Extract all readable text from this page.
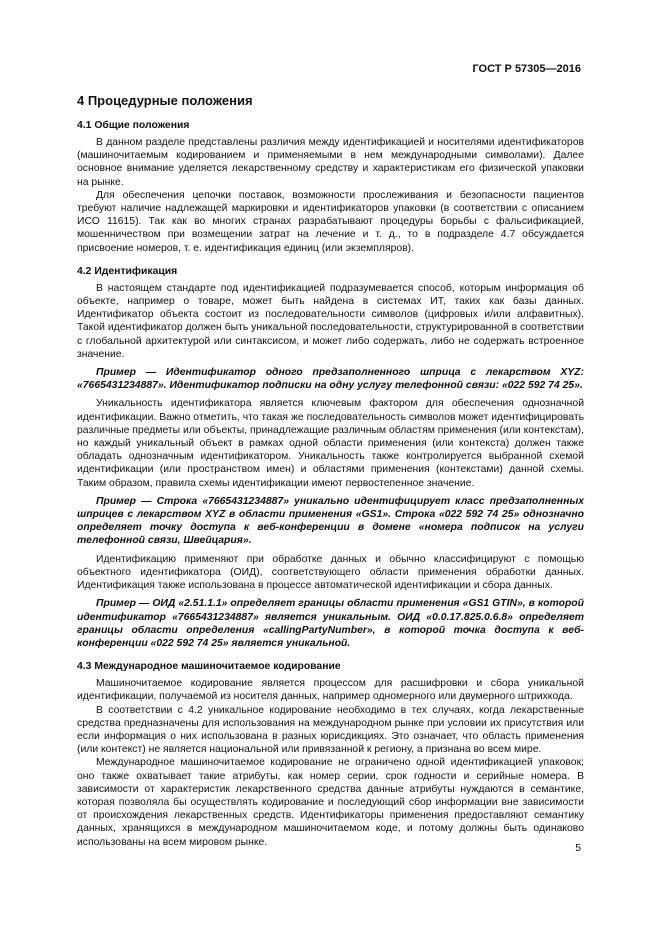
ГОСТ Р 57305—2016
4 Процедурные положения
4.1 Общие положения

В данном разделе представлены различия между идентификацией и носителями идентификаторов (машиночитаемым кодированием и применяемыми в нем международными символами). Далее основное внимание уделяется лекарственному средству и характеристикам его физической упаковки на рынке.

Для обеспечения цепочки поставок, возможности прослеживания и безопасности пациентов требуют наличие надлежащей маркировки и идентификаторов упаковки (в соответствии с описанием ИСО 11615). Так как во многих странах разрабатывают процедуры борьбы с фальсификацией, мошенничеством при возмещении затрат на лечение и т. д., то в подразделе 4.7 обсуждается присвоение номеров, т. е. идентификация единиц (или экземпляров).

4.2 Идентификация

В настоящем стандарте под идентификацией подразумевается способ, которым информация об объекте, например о товаре, может быть найдена в системах ИТ, таких как базы данных. Идентификатор объекта состоит из последовательности символов (цифровых и/или алфавитных). Такой идентификатор должен быть уникальной последовательности, структурированной в соответствии с глобальной архитектурой или синтаксисом, и может либо содержать, либо не содержать встроенное значение.

Пример — Идентификатор одного предзаполненного шприца с лекарством XYZ: «7665431234887». Идентификатор подписки на одну услугу телефонной связи: «022 592 74 25».

Уникальность идентификатора является ключевым фактором для обеспечения однозначной идентификации. Важно отметить, что такая же последовательность символов может идентифицировать различные предметы или объекты, принадлежащие различным областям применения (или контекстам), но каждый уникальный объект в рамках одной области применения (или контекста) должен также обладать однозначным идентификатором. Уникальность также контролируется выбранной схемой идентификации (или пространством имен) и областями применения (контекстами) данной схемы. Таким образом, правила схемы идентификации имеют первостепенное значение.

Пример — Строка «7665431234887» уникально идентифицирует класс предзаполненных шприцев с лекарством XYZ в области применения «GS1». Строка «022 592 74 25» однозначно определяет точку доступа к веб-конференции в домене «номера подписок на услуги телефонной связи, Швейцария».

Идентификацию применяют при обработке данных и обычно классифицируют с помощью объектного идентификатора (ОИД), соответствующего области применения обработки данных. Идентификация также использована в процессе автоматической идентификации и сбора данных.

Пример — ОИД «2.51.1.1» определяет границы области применения «GS1 GTIN», в которой идентификатор «7665431234887» является уникальным. ОИД «0.0.17.825.0.6.8» определяет границы области определения «callingPartyNumber», в которой точка доступа к веб-конференции «022 592 74 25» является уникальной.

4.3 Международное машиночитаемое кодирование

Машиночитаемое кодирование является процессом для расшифровки и сбора уникальной идентификации, получаемой из носителя данных, например одномерного или двумерного штрихкода.

В соответствии с 4.2 уникальное кодирование необходимо в тех случаях, когда лекарственные средства предназначены для использования на международном рынке при условии их присутствия или если информация о них использована в разных юрисдикциях. Это означает, что область применения (или контекст) не является национальной или привязанной к региону, а признана во всем мире.

Международное машиночитаемое кодирование не ограничено одной идентификацией упаковок; оно также охватывает такие атрибуты, как номер серии, срок годности и серийные номера. В зависимости от характеристик лекарственного средства данные атрибуты нуждаются в семантике, которая позволяла бы осуществлять кодирование и последующий сбор информации вне зависимости от происхождения лекарственных средств. Идентификаторы применения предоставляют семантику данных, хранящихся в международном машиночитаемом коде, и потому должны быть одинаково использованы на всем мировом рынке.

5
